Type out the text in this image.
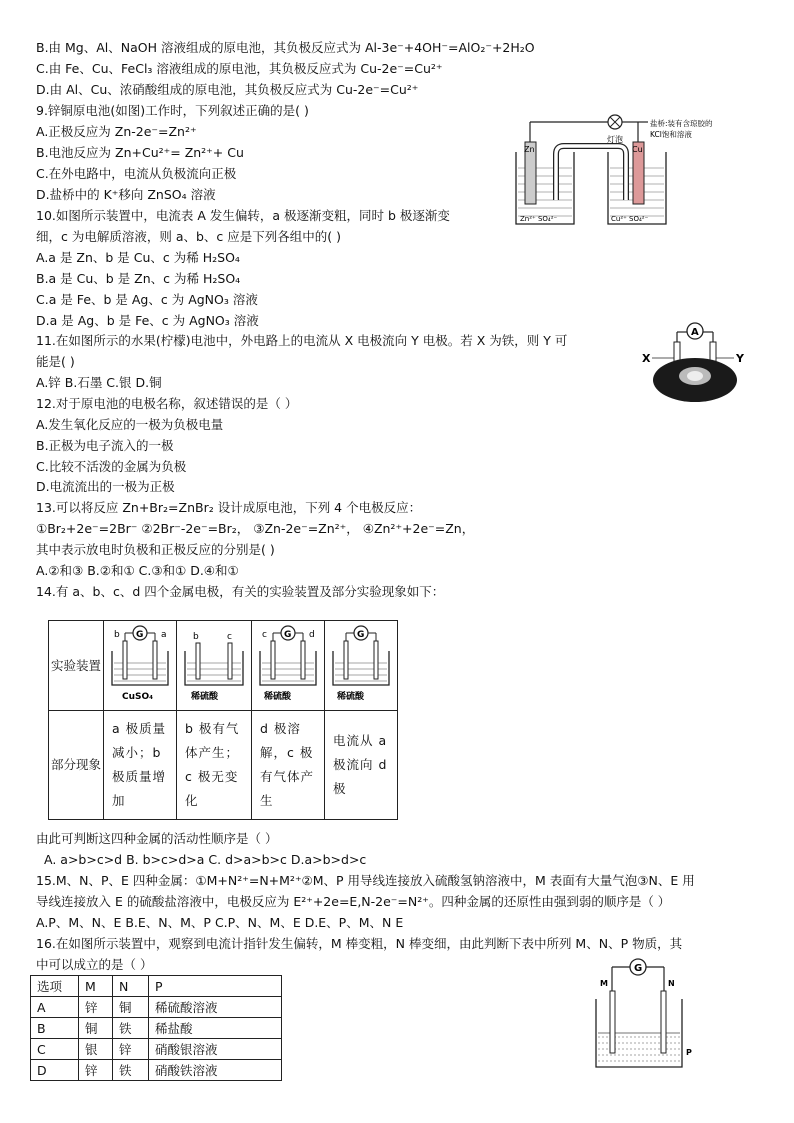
B.由 Mg、Al、NaOH 溶液组成的原电池，其负极反应式为 Al-3e⁻+4OH⁻=AlO₂⁻+2H₂O
C.由 Fe、Cu、FeCl₃ 溶液组成的原电池，其负极反应式为 Cu-2e⁻=Cu²⁺
D.由 Al、Cu、浓硝酸组成的原电池，其负极反应式为 Cu-2e⁻=Cu²⁺
9.锌铜原电池(如图)工作时，下列叙述正确的是( )
A.正极反应为 Zn-2e⁻=Zn²⁺
B.电池反应为 Zn+Cu²⁺= Zn²⁺+ Cu
C.在外电路中，电流从负极流向正极
D.盐桥中的 K⁺移向 ZnSO₄ 溶液
灯泡
盐桥:装有含琼胶的
KCl饱和溶液
Zn	Cu
Zn²⁺ SO₄²⁻	Cu²⁺ SO₄²⁻
10.如图所示装置中，电流表 A 发生偏转，a 极逐渐变粗，同时 b 极逐渐变
细，c 为电解质溶液，则 a、b、c 应是下列各组中的( )
A.a 是 Zn、b 是 Cu、c 为稀 H₂SO₄
B.a 是 Cu、b 是 Zn、c 为稀 H₂SO₄
C.a 是 Fe、b 是 Ag、c 为 AgNO₃ 溶液
D.a 是 Ag、b 是 Fe、c 为 AgNO₃ 溶液
11.在如图所示的水果(柠檬)电池中，外电路上的电流从 X 电极流向 Y 电极。若 X 为铁，则 Y 可
能是( )
A.锌 B.石墨 C.银 D.铜
A
X	Y
12.对于原电池的电极名称，叙述错误的是（ ）
A.发生氧化反应的一极为负极电量
B.正极为电子流入的一极
C.比较不活泼的金属为负极
D.电流流出的一极为正极
13.可以将反应 Zn+Br₂=ZnBr₂ 设计成原电池，下列 4 个电极反应：
①Br₂+2e⁻=2Br⁻ ②2Br⁻-2e⁻=Br₂， ③Zn-2e⁻=Zn²⁺， ④Zn²⁺+2e⁻=Zn，
其中表示放电时负极和正极反应的分别是( )
A.②和③ B.②和① C.③和① D.④和①
14.有 a、b、c、d 四个金属电极，有关的实验装置及部分实验现象如下：
实验装置	G
b a
CuSO₄	b c
稀硫酸	G
c d
稀硫酸	G
稀硫酸

部分现象	a 极质量减小；b 极质量增加	b 极有气体产生；c 极无变化	d 极溶解，c 极有气体产生	电流从 a 极流向 d 极
由此可判断这四种金属的活动性顺序是（ ）
A. a>b>c>d B. b>c>d>a C. d>a>b>c D.a>b>d>c
15.M、N、P、E 四种金属：①M+N²⁺=N+M²⁺②M、P 用导线连接放入硫酸氢钠溶液中，M 表面有大量气泡③N、E 用
导线连接放入 E 的硫酸盐溶液中，电极反应为 E²⁺+2e=E,N-2e⁻=N²⁺。四种金属的还原性由强到弱的顺序是（ ）
A.P、M、N、E B.E、N、M、P C.P、N、M、E D.E、P、M、N E
16.在如图所示装置中，观察到电流计指针发生偏转，M 棒变粗，N 棒变细，由此判断下表中所列 M、N、P 物质，其
中可以成立的是（ ）
选项	M	N	P
A	锌	铜	稀硫酸溶液
B	铜	铁	稀盐酸
C	银	锌	硝酸银溶液
D	锌	铁	硝酸铁溶液
G
M	N
P
